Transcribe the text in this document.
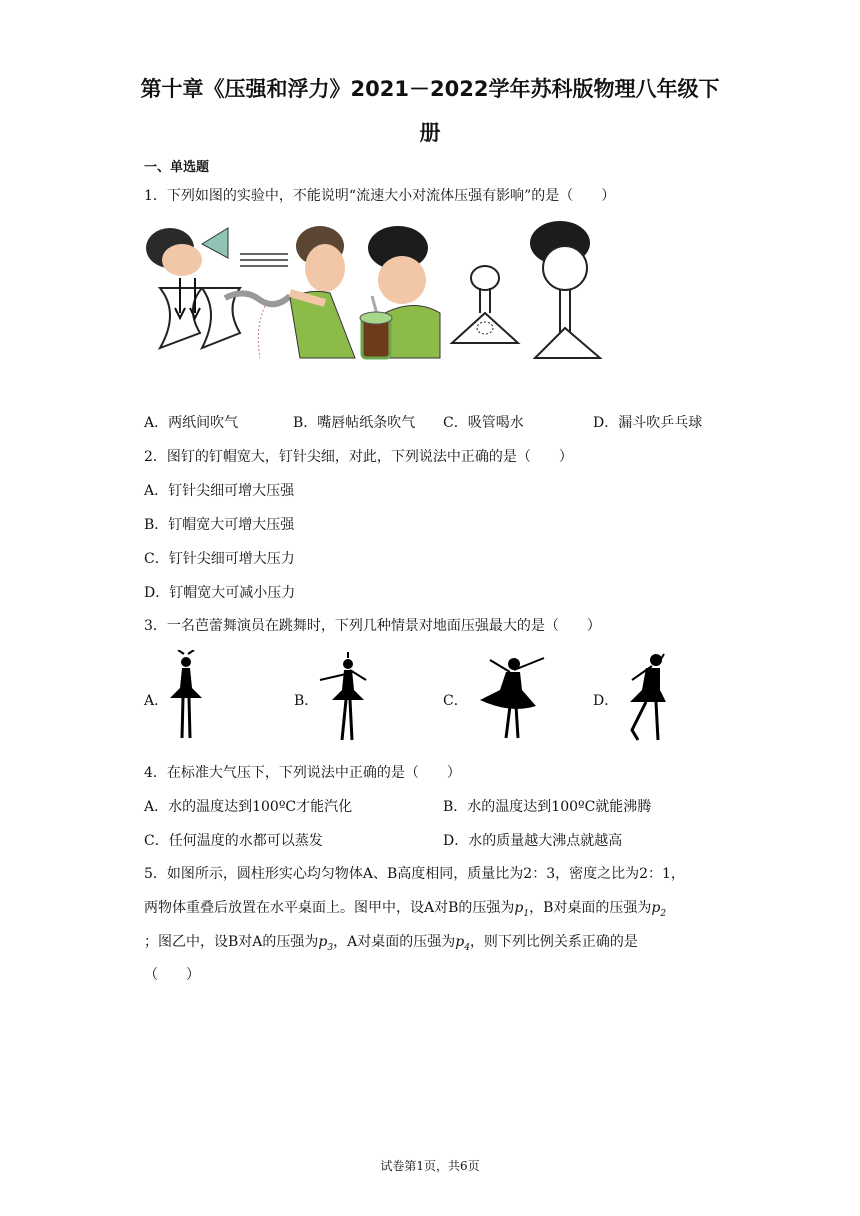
第十章《压强和浮力》2021－2022学年苏科版物理八年级下
册
一、单选题
1．下列如图的实验中，不能说明“流速大小对流体压强有影响”的是（　　）
A．两纸间吹气	B．嘴唇帖纸条吹气 C．吸管喝水	D．漏斗吹乒乓球
2．图钉的钉帽宽大，钉针尖细，对此，下列说法中正确的是（　　）
A．钉针尖细可增大压强
B．钉帽宽大可增大压强
C．钉针尖细可增大压力
D．钉帽宽大可减小压力
3．一名芭蕾舞演员在跳舞时，下列几种情景对地面压强最大的是（　　）
A．	B．	C．	D．
4．在标准大气压下，下列说法中正确的是（　　）
A．水的温度达到100ºC才能汽化	B．水的温度达到100ºC就能沸腾
C．任何温度的水都可以蒸发	D．水的质量越大沸点就越高
5．如图所示，圆柱形实心均匀物体A、B高度相同，质量比为2：3，密度之比为2：1，
两物体重叠后放置在水平桌面上。图甲中，设A对B的压强为$p_1$，B对桌面的压强为$p_2$
；图乙中，设B对A的压强为$p_3$，A对桌面的压强为$p_4$，则下列比例关系正确的是
（　　）
试卷第1页，共6页
